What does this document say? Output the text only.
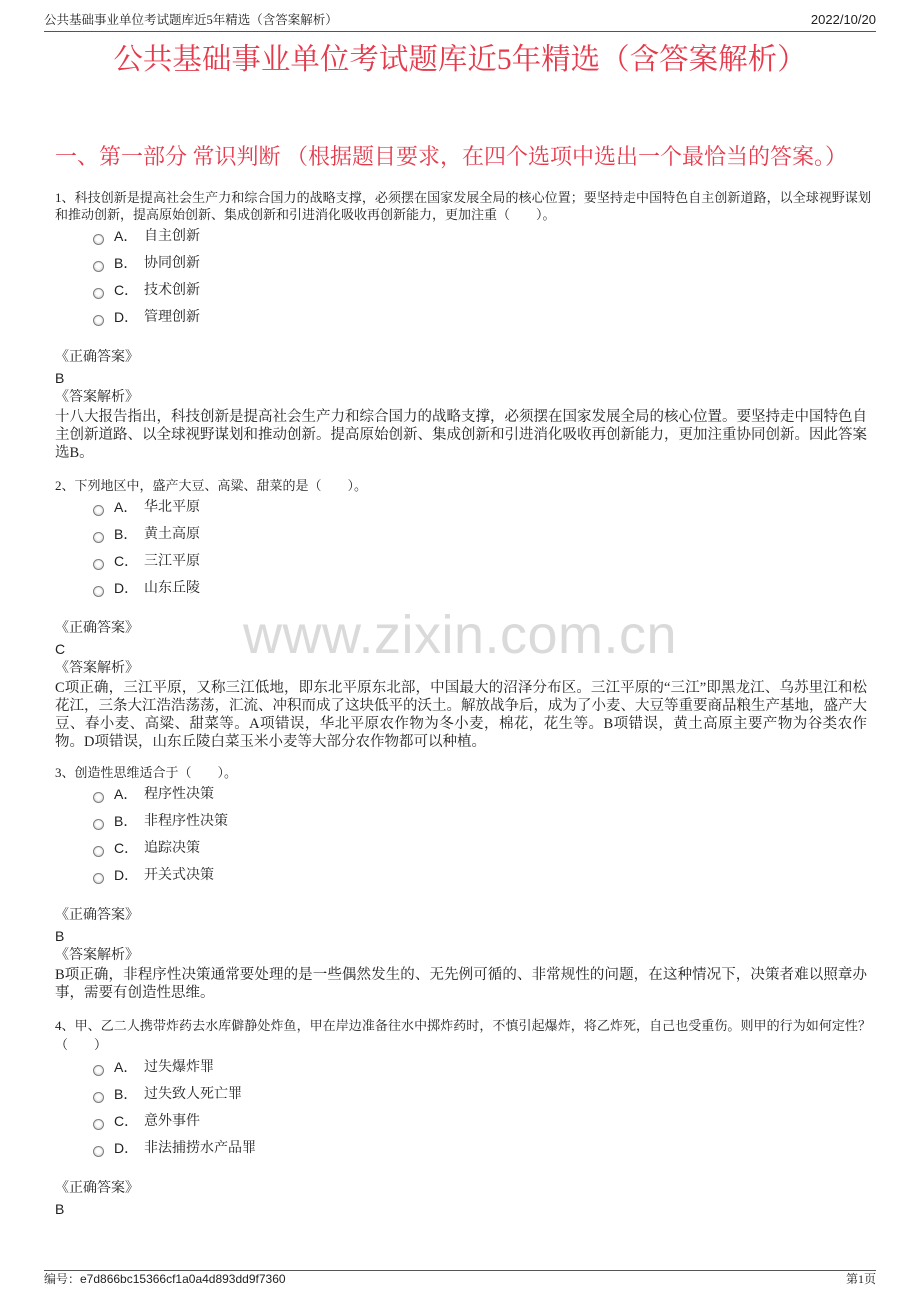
www.zixin.com.cn
公共基础事业单位考试题库近5年精选（含答案解析）	2022/10/20
公共基础事业单位考试题库近5年精选（含答案解析）
一、第一部分 常识判断 （根据题目要求，在四个选项中选出一个最恰当的答案。）
1、科技创新是提高社会生产力和综合国力的战略支撑，必须摆在国家发展全局的核心位置；要坚持走中国特色自主创新道路，以全球视野谋划和推动创新，提高原始创新、集成创新和引进消化吸收再创新能力，更加注重（　　）。
A． 自主创新
B． 协同创新
C． 技术创新
D． 管理创新
《正确答案》
B
《答案解析》
十八大报告指出，科技创新是提高社会生产力和综合国力的战略支撑，必须摆在国家发展全局的核心位置。要坚持走中国特色自主创新道路、以全球视野谋划和推动创新。提高原始创新、集成创新和引进消化吸收再创新能力，更加注重协同创新。因此答案选B。
2、下列地区中，盛产大豆、高粱、甜菜的是（　　）。
A． 华北平原
B． 黄土高原
C． 三江平原
D． 山东丘陵
《正确答案》
C
《答案解析》
C项正确，三江平原，又称三江低地，即东北平原东北部，中国最大的沼泽分布区。三江平原的“三江”即黑龙江、乌苏里江和松花江，三条大江浩浩荡荡，汇流、冲积而成了这块低平的沃土。解放战争后，成为了小麦、大豆等重要商品粮生产基地，盛产大豆、春小麦、高粱、甜菜等。A项错误，华北平原农作物为冬小麦，棉花，花生等。B项错误，黄土高原主要产物为谷类农作物。D项错误，山东丘陵白菜玉米小麦等大部分农作物都可以种植。
3、创造性思维适合于（　　）。
A． 程序性决策
B． 非程序性决策
C． 追踪决策
D． 开关式决策
《正确答案》
B
《答案解析》
B项正确，非程序性决策通常要处理的是一些偶然发生的、无先例可循的、非常规性的问题，在这种情况下，决策者难以照章办事，需要有创造性思维。
4、甲、乙二人携带炸药去水库僻静处炸鱼，甲在岸边准备往水中掷炸药时，不慎引起爆炸，将乙炸死，自己也受重伤。则甲的行为如何定性？（　　）
A． 过失爆炸罪
B． 过失致人死亡罪
C． 意外事件
D． 非法捕捞水产品罪
《正确答案》
B
编号：e7d866bc15366cf1a0a4d893dd9f7360	第1页
